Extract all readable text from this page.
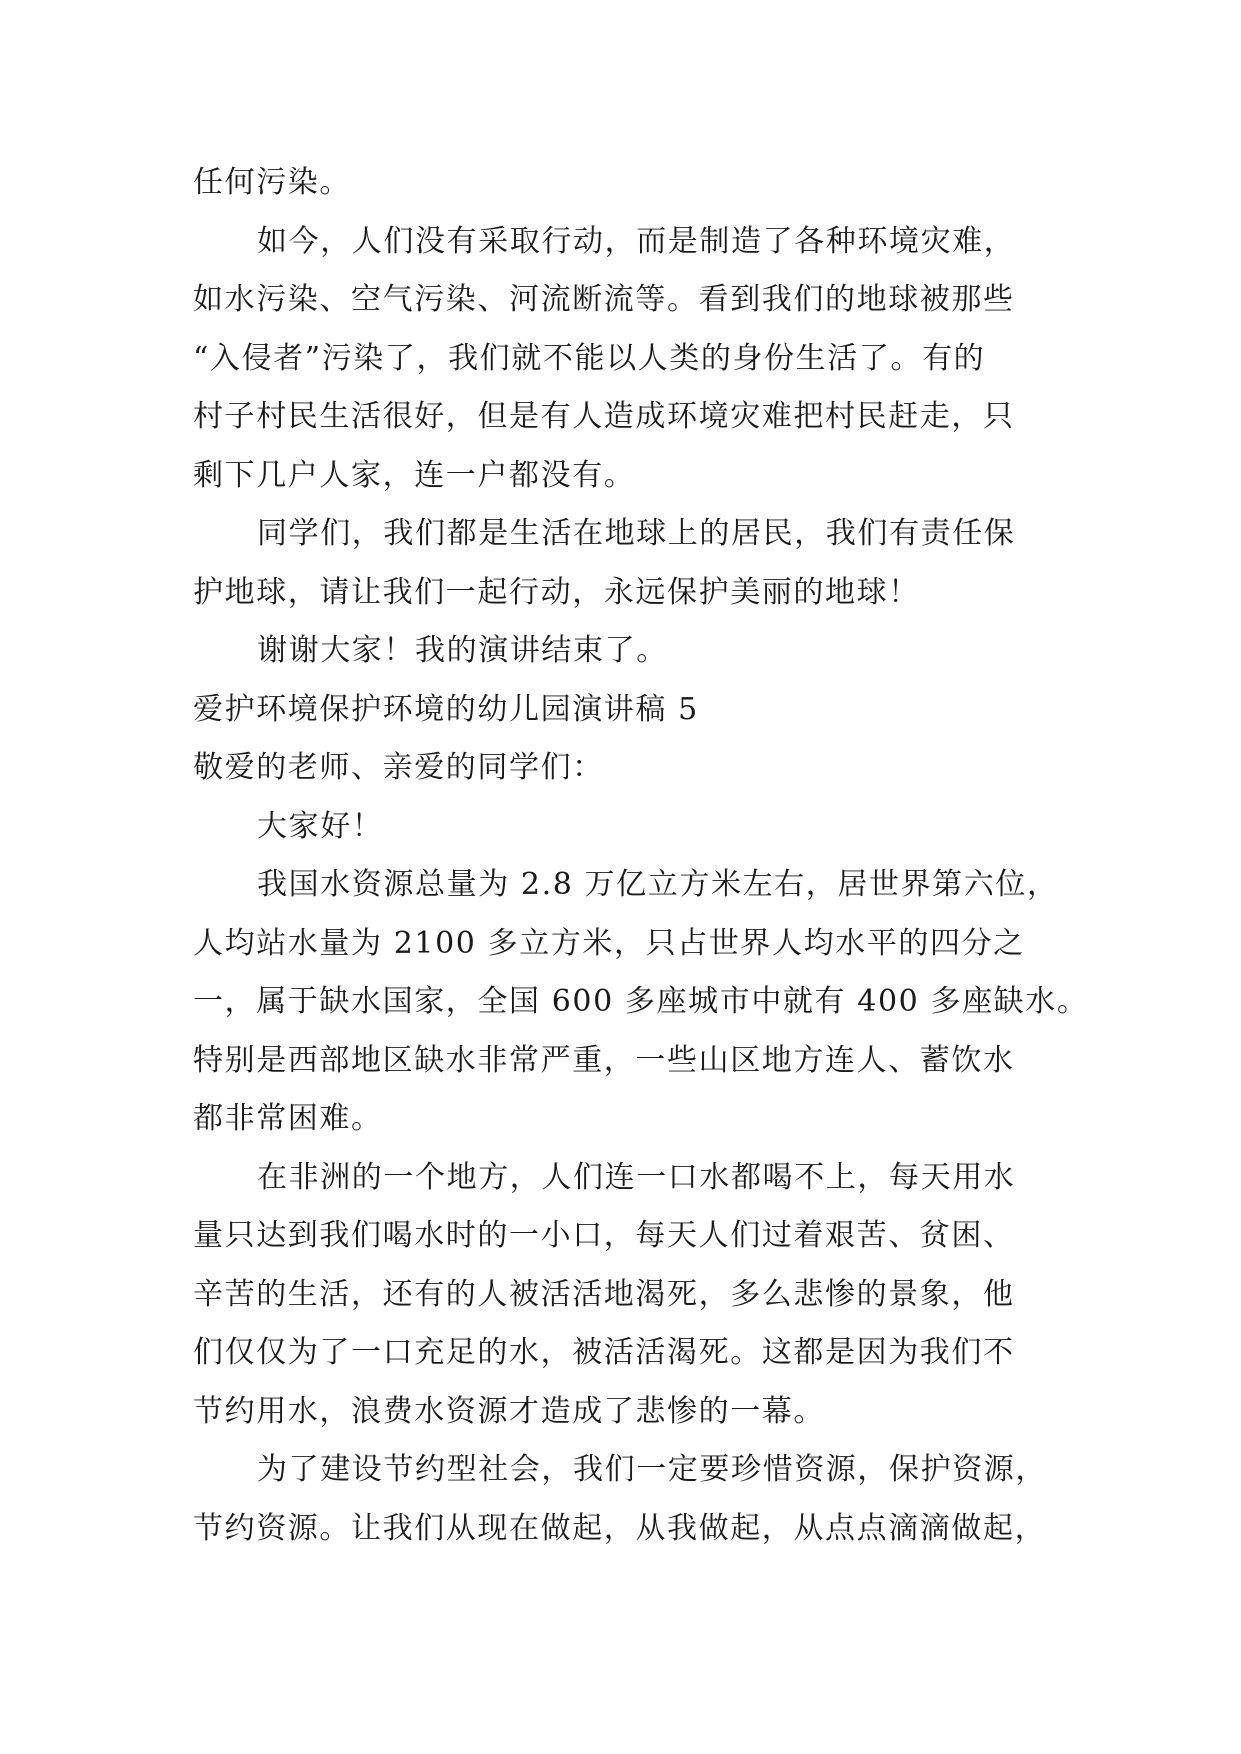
任何污染。
如今，人们没有采取行动，而是制造了各种环境灾难，
如水污染、空气污染、河流断流等。看到我们的地球被那些
“入侵者”污染了，我们就不能以人类的身份生活了。有的
村子村民生活很好，但是有人造成环境灾难把村民赶走，只
剩下几户人家，连一户都没有。
同学们，我们都是生活在地球上的居民，我们有责任保
护地球，请让我们一起行动，永远保护美丽的地球！
谢谢大家！我的演讲结束了。
爱护环境保护环境的幼儿园演讲稿 5
敬爱的老师、亲爱的同学们：
大家好！
我国水资源总量为 2.8 万亿立方米左右，居世界第六位，
人均站水量为 2100 多立方米，只占世界人均水平的四分之
一，属于缺水国家，全国 600 多座城市中就有 400 多座缺水。
特别是西部地区缺水非常严重，一些山区地方连人、蓄饮水
都非常困难。
在非洲的一个地方，人们连一口水都喝不上，每天用水
量只达到我们喝水时的一小口，每天人们过着艰苦、贫困、
辛苦的生活，还有的人被活活地渴死，多么悲惨的景象，他
们仅仅为了一口充足的水，被活活渴死。这都是因为我们不
节约用水，浪费水资源才造成了悲惨的一幕。
为了建设节约型社会，我们一定要珍惜资源，保护资源，
节约资源。让我们从现在做起，从我做起，从点点滴滴做起，
